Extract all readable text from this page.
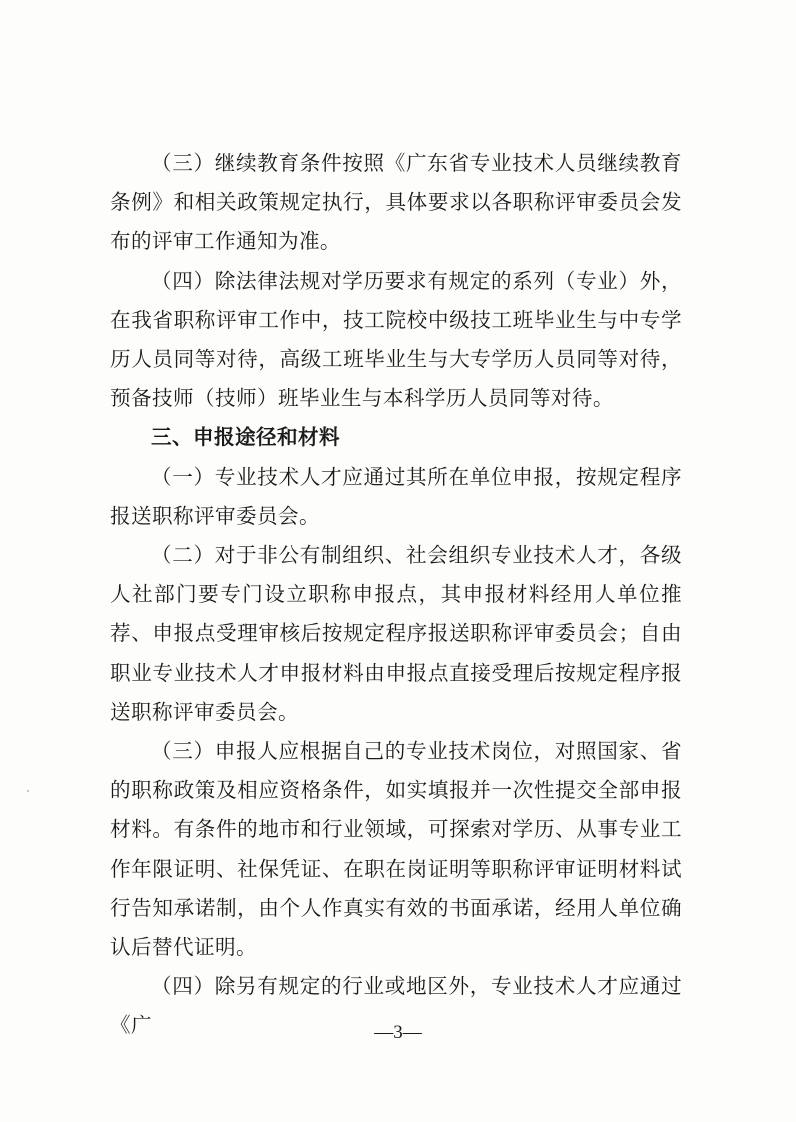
（三）继续教育条件按照《广东省专业技术人员继续教育条例》和相关政策规定执行，具体要求以各职称评审委员会发布的评审工作通知为准。

（四）除法律法规对学历要求有规定的系列（专业）外，在我省职称评审工作中，技工院校中级技工班毕业生与中专学历人员同等对待，高级工班毕业生与大专学历人员同等对待，预备技师（技师）班毕业生与本科学历人员同等对待。

三、申报途径和材料

（一）专业技术人才应通过其所在单位申报，按规定程序报送职称评审委员会。

（二）对于非公有制组织、社会组织专业技术人才，各级人社部门要专门设立职称申报点，其申报材料经用人单位推荐、申报点受理审核后按规定程序报送职称评审委员会；自由职业专业技术人才申报材料由申报点直接受理后按规定程序报送职称评审委员会。

（三）申报人应根据自己的专业技术岗位，对照国家、省的职称政策及相应资格条件，如实填报并一次性提交全部申报材料。有条件的地市和行业领域，可探索对学历、从事专业工作年限证明、社保凭证、在职在岗证明等职称评审证明材料试行告知承诺制，由个人作真实有效的书面承诺，经用人单位确认后替代证明。

（四）除另有规定的行业或地区外，专业技术人才应通过《广	—3—
